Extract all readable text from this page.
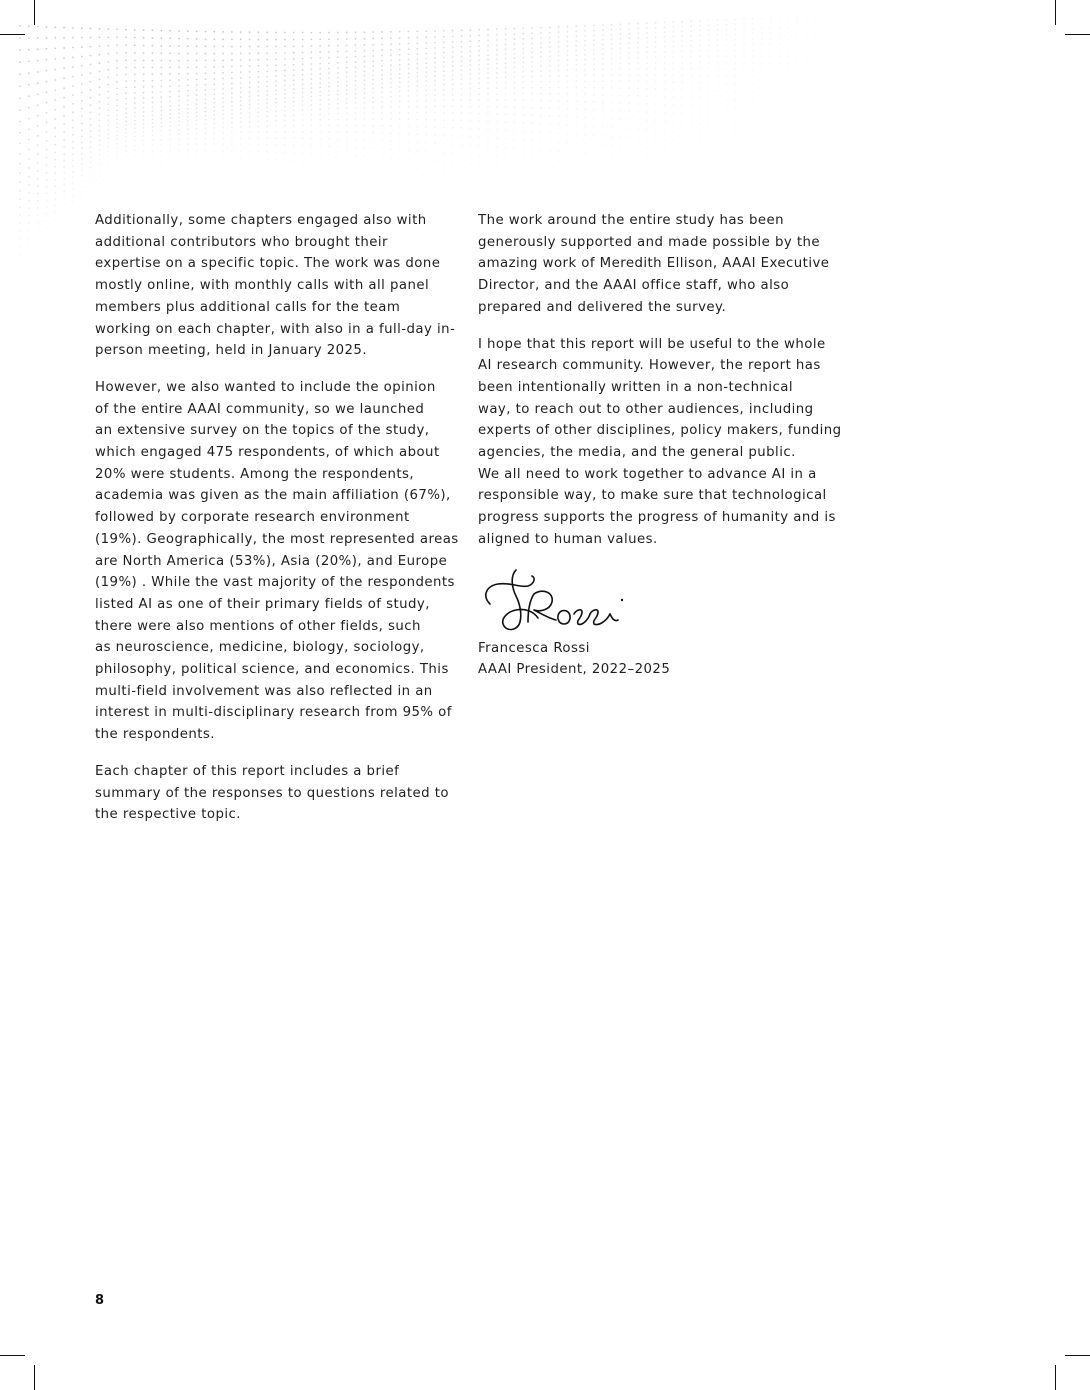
Additionally, some chapters engaged also with
additional contributors who brought their
expertise on a specific topic. The work was done
mostly online, with monthly calls with all panel
members plus additional calls for the team
working on each chapter, with also in a full-day in-
person meeting, held in January 2025.

However, we also wanted to include the opinion
of the entire AAAI community, so we launched
an extensive survey on the topics of the study,
which engaged 475 respondents, of which about
20% were students. Among the respondents,
academia was given as the main affiliation (67%),
followed by corporate research environment
(19%). Geographically, the most represented areas
are North America (53%), Asia (20%), and Europe
(19%) . While the vast majority of the respondents
listed AI as one of their primary fields of study,
there were also mentions of other fields, such
as neuroscience, medicine, biology, sociology,
philosophy, political science, and economics. This
multi-field involvement was also reflected in an
interest in multi-disciplinary research from 95% of
the respondents.

Each chapter of this report includes a brief
summary of the responses to questions related to
the respective topic.

The work around the entire study has been
generously supported and made possible by the
amazing work of Meredith Ellison, AAAI Executive
Director, and the AAAI office staff, who also
prepared and delivered the survey.

I hope that this report will be useful to the whole
AI research community. However, the report has
been intentionally written in a non-technical
way, to reach out to other audiences, including
experts of other disciplines, policy makers, funding
agencies, the media, and the general public.
We all need to work together to advance AI in a
responsible way, to make sure that technological
progress supports the progress of humanity and is
aligned to human values.

Francesca Rossi
AAAI President, 2022–2025
8
